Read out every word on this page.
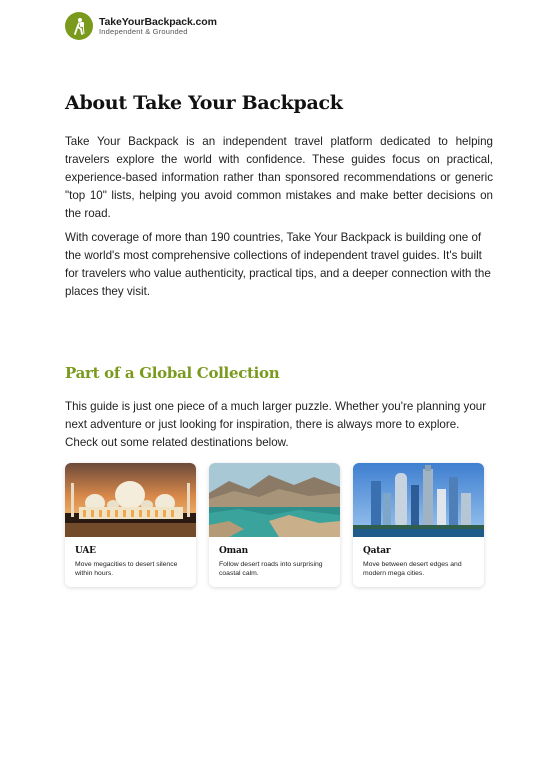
TakeYourBackpack.com
Independent & Grounded
About Take Your Backpack

Take Your Backpack is an independent travel platform dedicated to helping travelers explore the world with confidence. These guides focus on practical, experience-based information rather than sponsored recommendations or generic "top 10" lists, helping you avoid common mistakes and make better decisions on the road.

With coverage of more than 190 countries, Take Your Backpack is building one of the world's most comprehensive collections of independent travel guides. It's built for travelers who value authenticity, practical tips, and a deeper connection with the places they visit.

Part of a Global Collection

This guide is just one piece of a much larger puzzle. Whether you're planning your next adventure or just looking for inspiration, there is always more to explore. Check out some related destinations below.

UAE
Move megacities to desert silence within hours.
Oman
Follow desert roads into surprising coastal calm.
Qatar
Move between desert edges and modern mega cities.
